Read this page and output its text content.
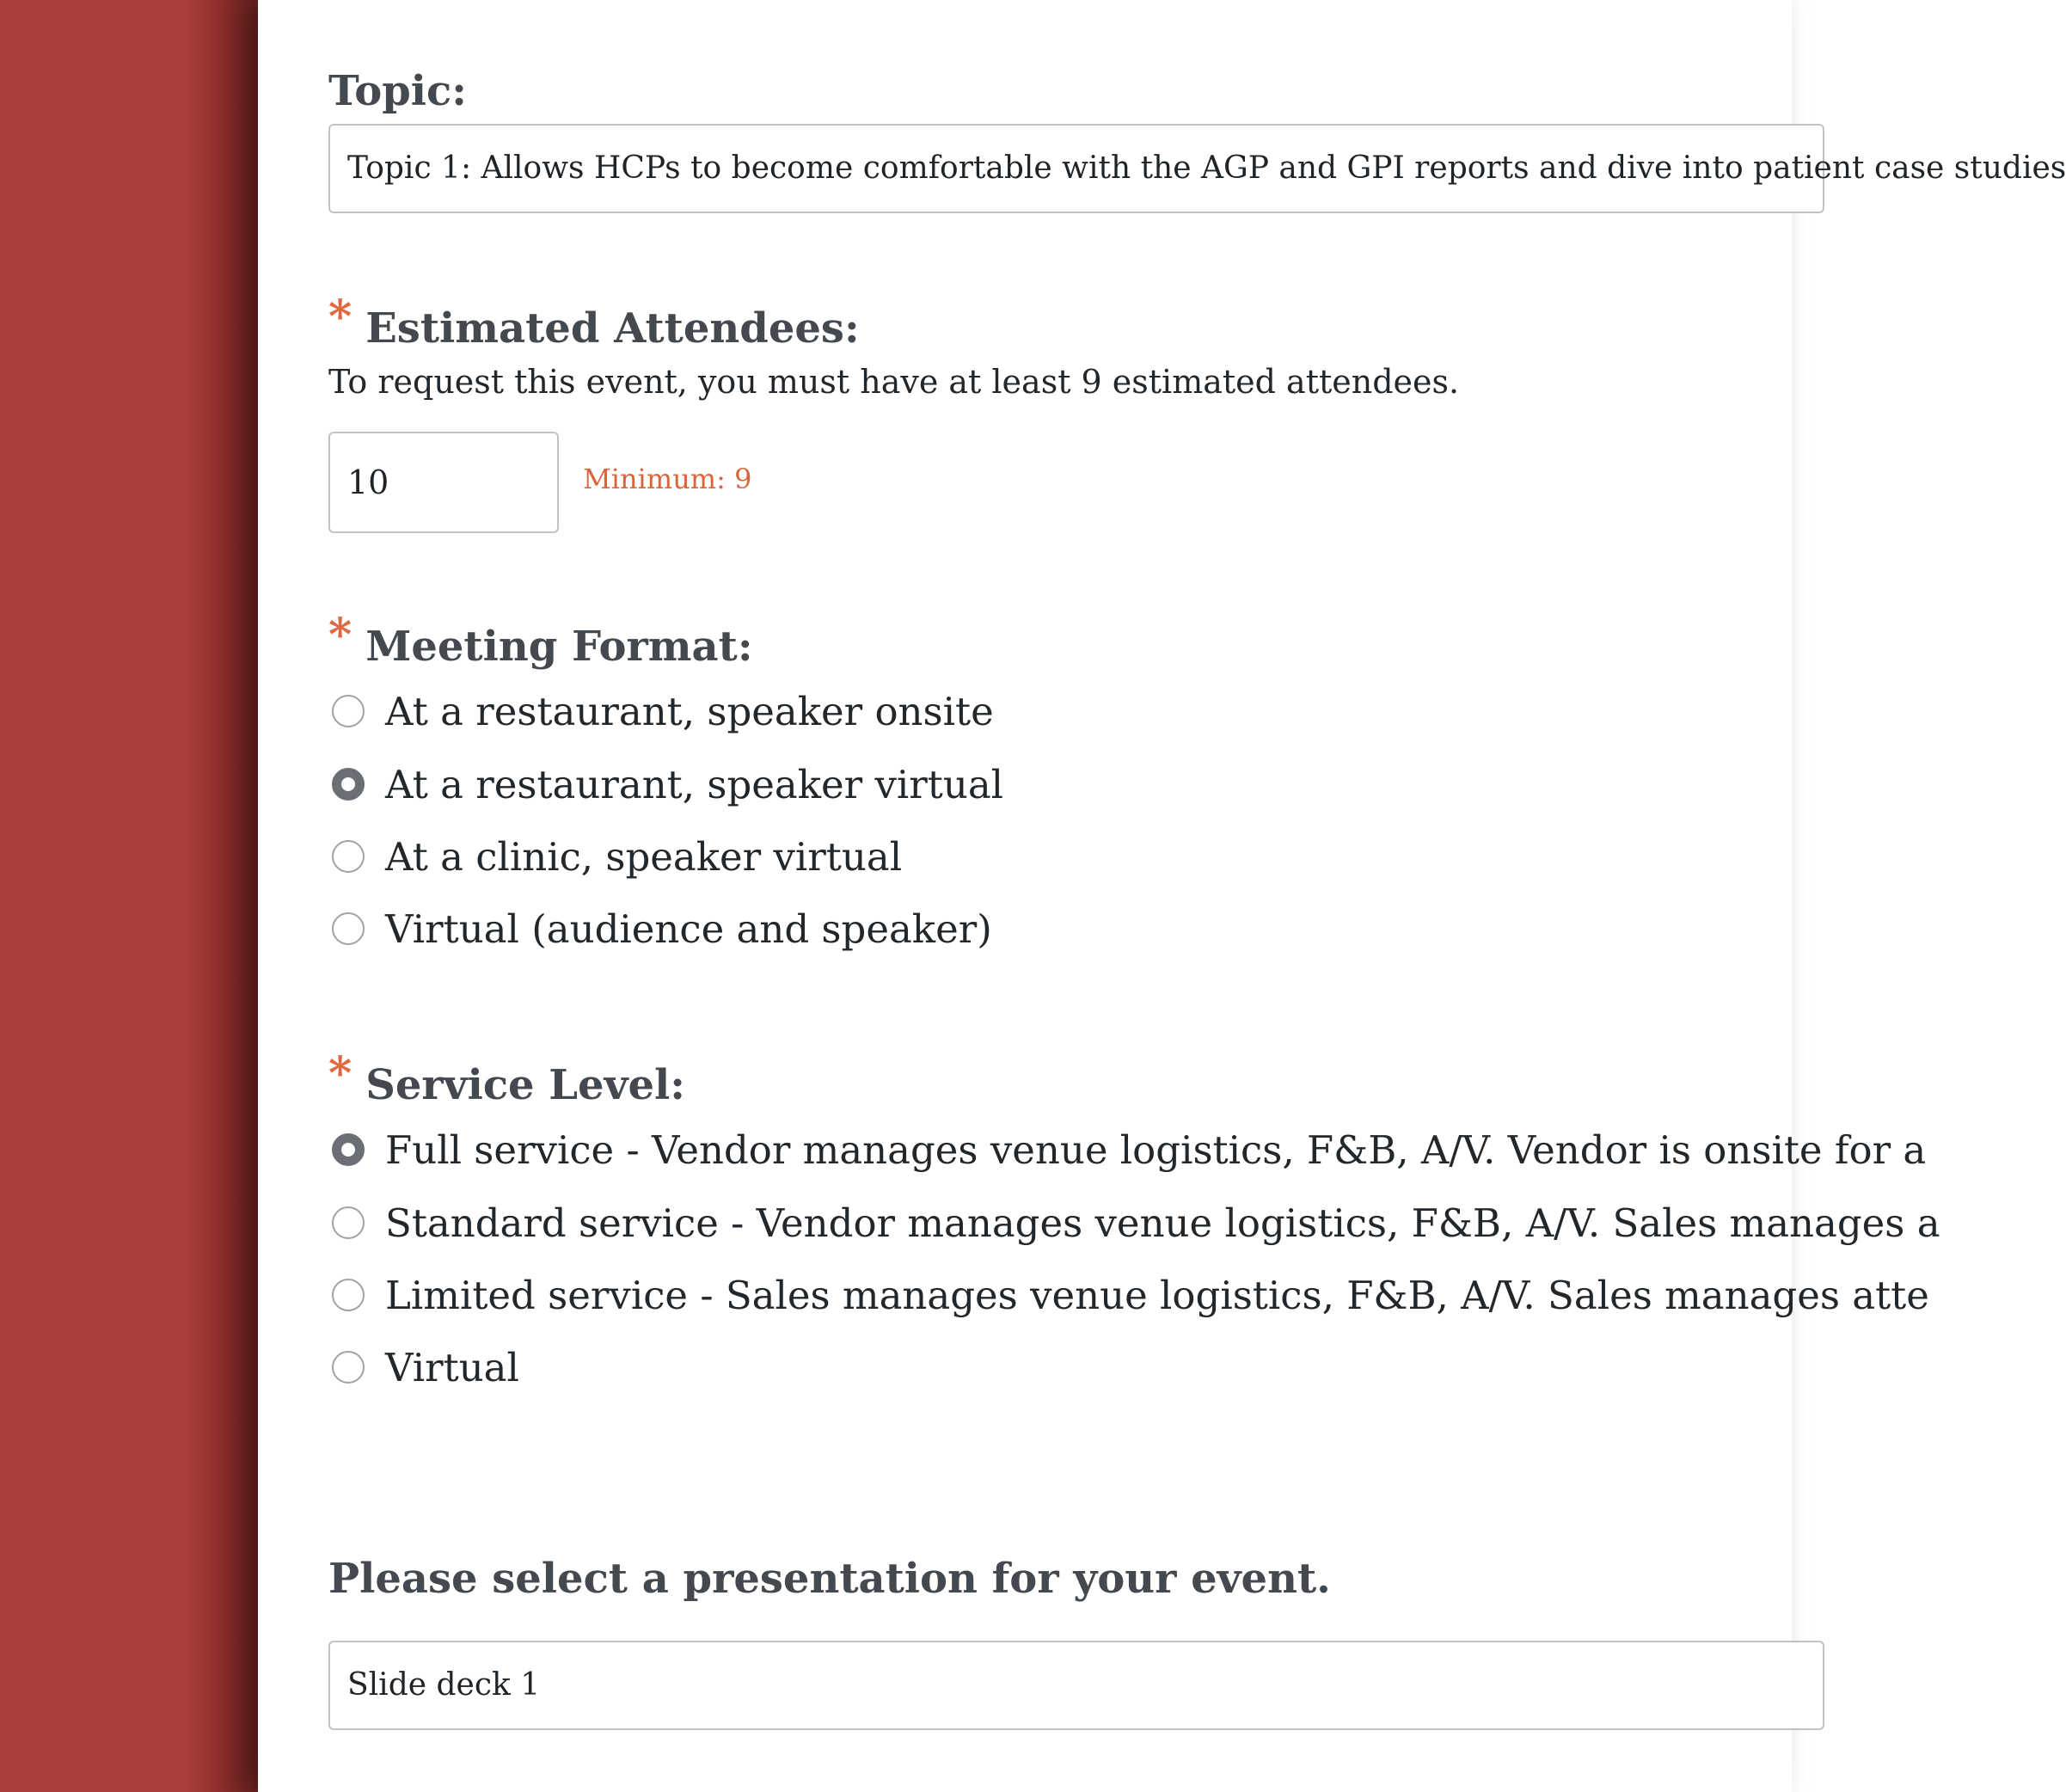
Topic:
Topic 1: Allows HCPs to become comfortable with the AGP and GPI reports and dive into patient case studies
* Estimated Attendees:
To request this event, you must have at least 9 estimated attendees.
10	Minimum: 9
* Meeting Format:
At a restaurant, speaker onsite
At a restaurant, speaker virtual
At a clinic, speaker virtual
Virtual (audience and speaker)
* Service Level:
Full service - Vendor manages venue logistics, F&B, A/V. Vendor is onsite for a
Standard service - Vendor manages venue logistics, F&B, A/V. Sales manages a
Limited service - Sales manages venue logistics, F&B, A/V. Sales manages atte
Virtual
Please select a presentation for your event.
Slide deck 1
